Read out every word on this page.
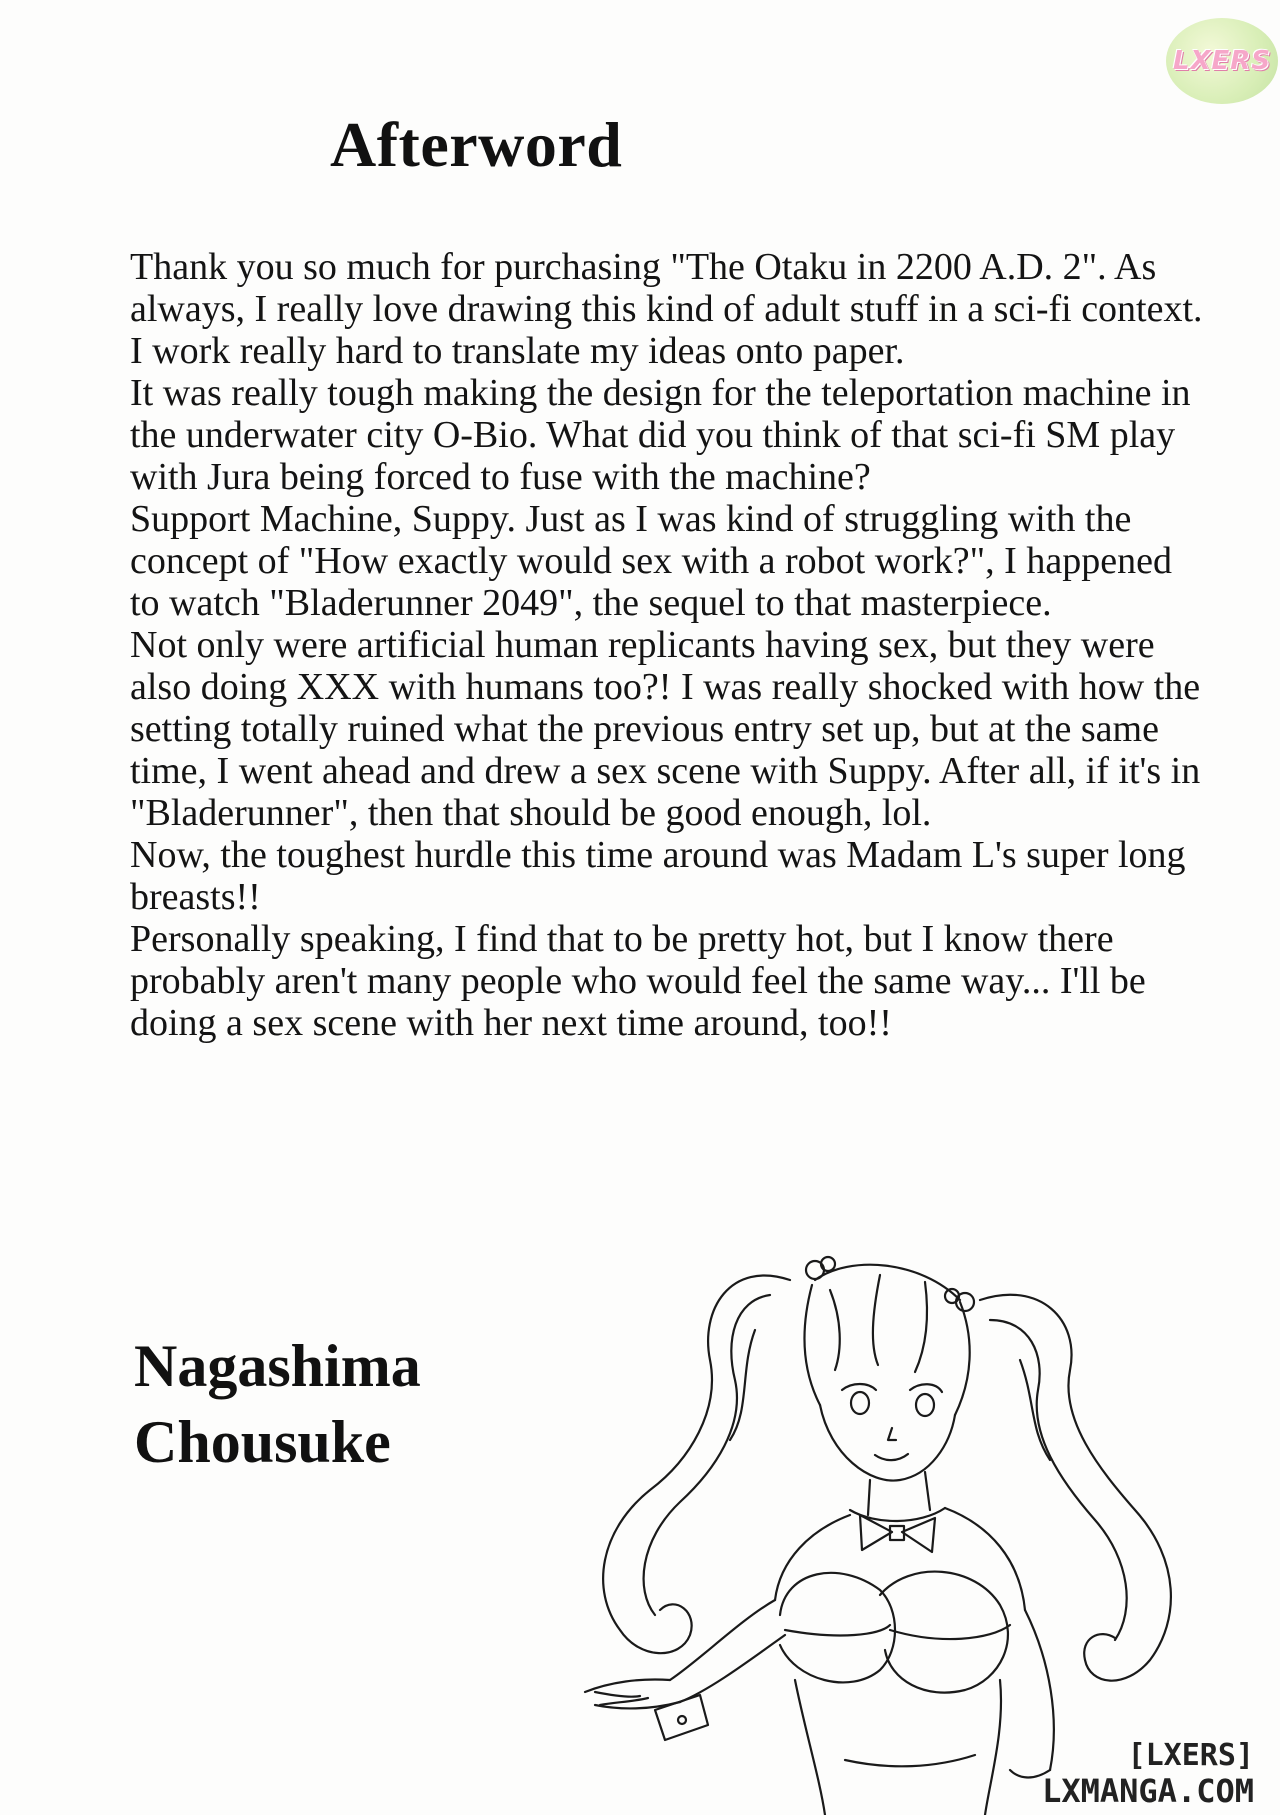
LXERS
Afterword

Thank you so much for purchasing "The Otaku in 2200 A.D. 2". As always, I really love drawing this kind of adult stuff in a sci-fi context. I work really hard to translate my ideas onto paper.

It was really tough making the design for the teleportation machine in the underwater city O-Bio. What did you think of that sci-fi SM play with Jura being forced to fuse with the machine?

Support Machine, Suppy. Just as I was kind of struggling with the concept of "How exactly would sex with a robot work?", I happened to watch "Bladerunner 2049", the sequel to that masterpiece.

Not only were artificial human replicants having sex, but they were also doing XXX with humans too?! I was really shocked with how the setting totally ruined what the previous entry set up, but at the same time, I went ahead and drew a sex scene with Suppy. After all, if it's in "Bladerunner", then that should be good enough, lol.

Now, the toughest hurdle this time around was Madam L's super long breasts!!

Personally speaking, I find that to be pretty hot, but I know there probably aren't many people who would feel the same way... I'll be doing a sex scene with her next time around, too!!

Nagashima
Chousuke
[LXERS]
LXMANGA.COM
